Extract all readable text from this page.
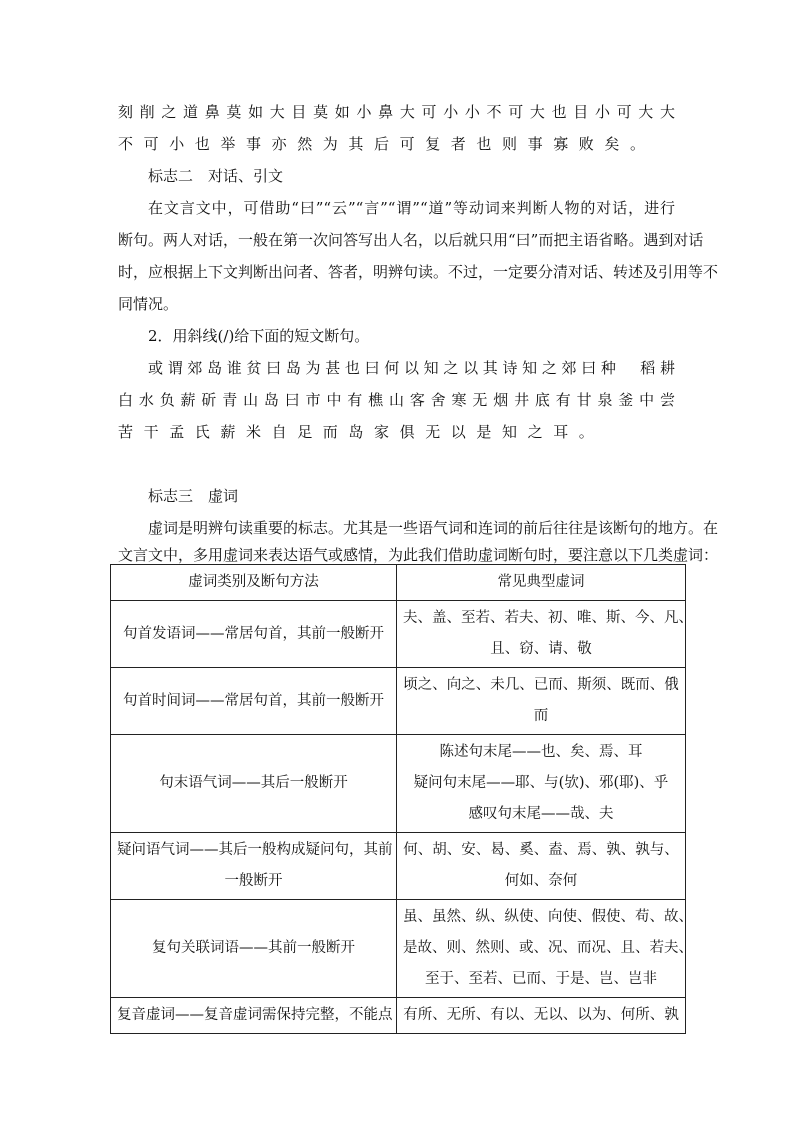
刻削之道鼻莫如大目莫如小鼻大可小小不可大也目小可大大
不可小也举事亦然为其后可复者也则事寡败矣。
标志二　对话、引文
在文言文中，可借助“曰”“云”“言”“谓”“道”等动词来判断人物的对话，进行
断句。两人对话，一般在第一次问答写出人名，以后就只用“曰”而把主语省略。遇到对话
时，应根据上下文判断出问者、答者，明辨句读。不过，一定要分清对话、转述及引用等不
同情况。
2．用斜线(/)给下面的短文断句。
或谓郊岛谁贫曰岛为甚也曰何以知之以其诗知之郊曰种　稻耕
白水负薪斫青山岛曰市中有樵山客舍寒无烟井底有甘泉釜中尝
苦干孟氏薪米自足而岛家俱无以是知之耳。
标志三　虚词
虚词是明辨句读重要的标志。尤其是一些语气词和连词的前后往往是该断句的地方。在
文言文中，多用虚词来表达语气或感情，为此我们借助虚词断句时，要注意以下几类虚词：
虚词类别及断句方法	常见典型虚词

句首发语词——常居句首，其前一般断开	夫、盖、至若、若夫、初、唯、斯、今、凡、
且、窃、请、敬

句首时间词——常居句首，其前一般断开	顷之、向之、未几、已而、斯须、既而、俄
而

句末语气词——其后一般断开	陈述句末尾——也、矣、焉、耳
疑问句末尾——耶、与(欤)、邪(耶)、乎
感叹句末尾——哉、夫

疑问语气词——其后一般构成疑问句，其前
一般断开	何、胡、安、曷、奚、盍、焉、孰、孰与、
何如、奈何

复句关联词语——其前一般断开	虽、虽然、纵、纵使、向使、假使、苟、故、
是故、则、然则、或、况、而况、且、若夫、
至于、至若、已而、于是、岂、岂非

复音虚词——复音虚词需保持完整，不能点	有所、无所、有以、无以、以为、何所、孰
